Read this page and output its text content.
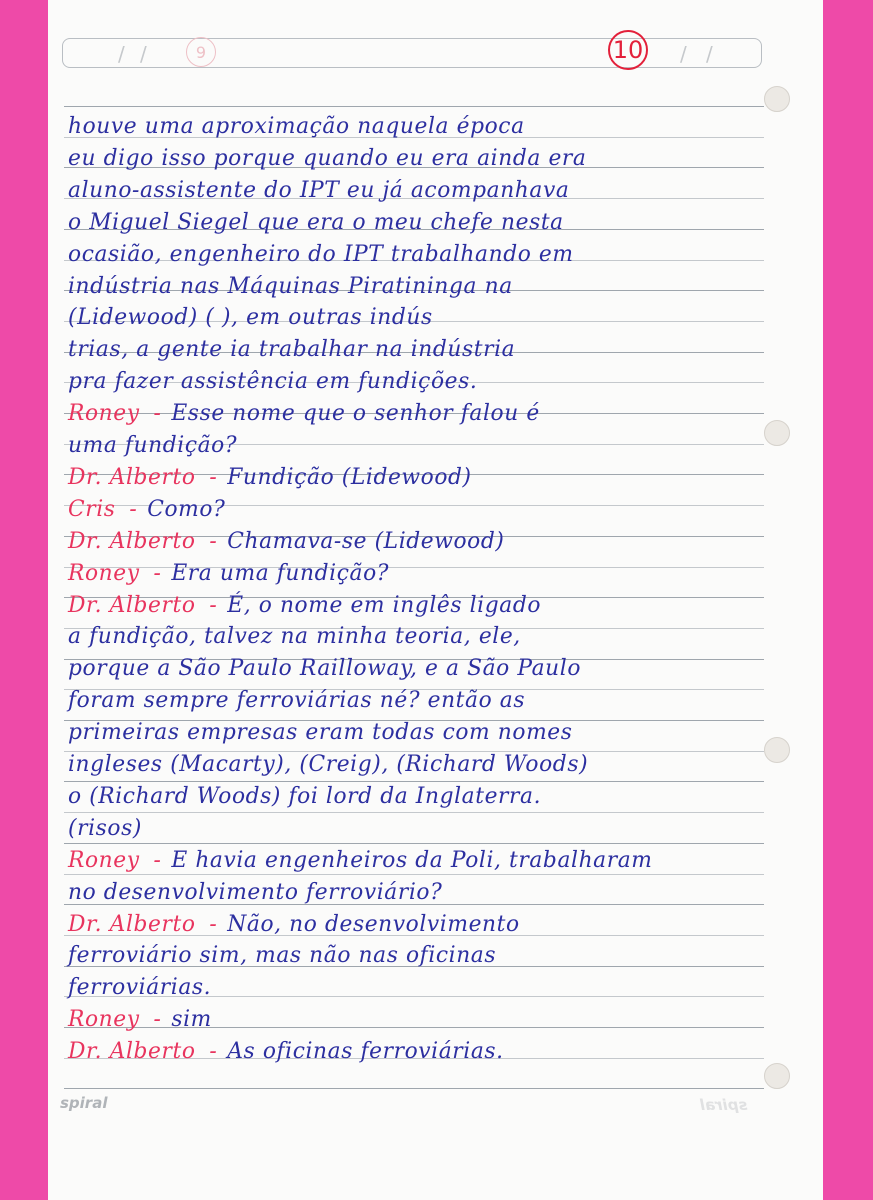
/ /	/ /
9	10
houve uma aproximação naquela época
eu digo isso porque quando eu era ainda era
aluno-assistente do IPT eu já acompanhava
o Miguel Siegel que era o meu chefe nesta
ocasião, engenheiro do IPT trabalhando em
indústria nas Máquinas Piratininga na
(Lidewood) ( ), em outras indús
trias, a gente ia trabalhar na indústria
pra fazer assistência em fundições.
Roney - Esse nome que o senhor falou é
uma fundição?
Dr. Alberto - Fundição (Lidewood)
Cris - Como?
Dr. Alberto - Chamava-se (Lidewood)
Roney - Era uma fundição?
Dr. Alberto - É, o nome em inglês ligado
a fundição, talvez na minha teoria, ele,
porque a São Paulo Railloway, e a São Paulo
foram sempre ferroviárias né? então as
primeiras empresas eram todas com nomes
ingleses (Macarty), (Creig), (Richard Woods)
o (Richard Woods) foi lord da Inglaterra.
(risos)
Roney - E havia engenheiros da Poli, trabalharam
no desenvolvimento ferroviário?
Dr. Alberto - Não, no desenvolvimento
ferroviário sim, mas não nas oficinas
ferroviárias.
Roney - sim
Dr. Alberto - As oficinas ferroviárias.
spiral	spiral
